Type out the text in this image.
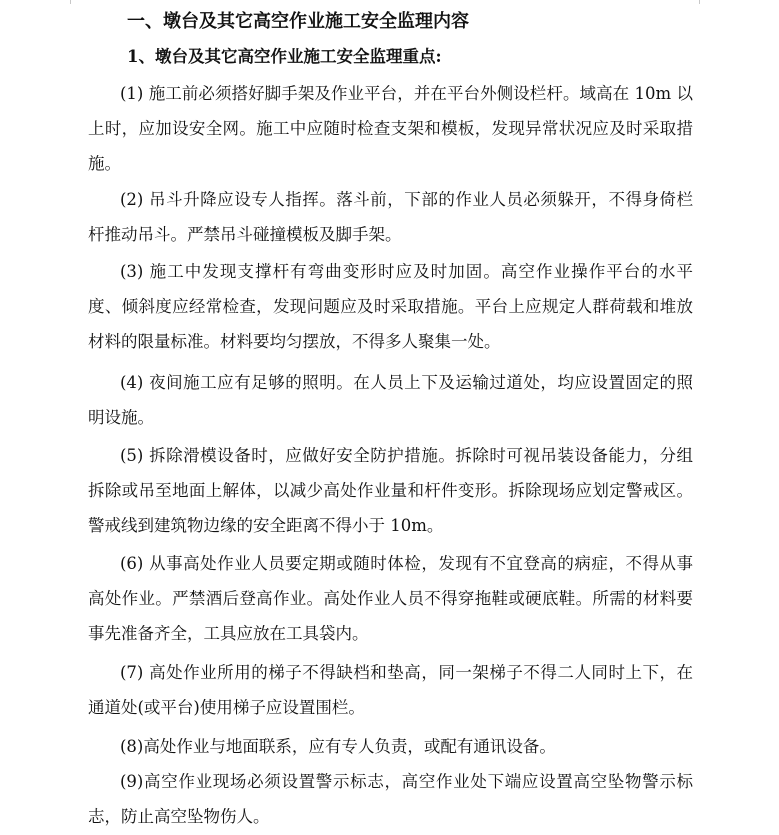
一、墩台及其它高空作业施工安全监理内容
1、墩台及其它高空作业施工安全监理重点:
(1) 施工前必须搭好脚手架及作业平台，并在平台外侧设栏杆。域高在 10m 以上时，应加设安全网。施工中应随时检查支架和模板，发现异常状况应及时采取措施。
(2) 吊斗升降应设专人指挥。落斗前，下部的作业人员必须躲开，不得身倚栏杆推动吊斗。严禁吊斗碰撞模板及脚手架。
(3) 施工中发现支撑杆有弯曲变形时应及时加固。高空作业操作平台的水平度、倾斜度应经常检查，发现问题应及时采取措施。平台上应规定人群荷载和堆放材料的限量标准。材料要均匀摆放，不得多人聚集一处。
(4) 夜间施工应有足够的照明。在人员上下及运输过道处，均应设置固定的照明设施。
(5) 拆除滑模设备时，应做好安全防护措施。拆除时可视吊装设备能力，分组拆除或吊至地面上解体，以减少高处作业量和杆件变形。拆除现场应划定警戒区。警戒线到建筑物边缘的安全距离不得小于 10m。
(6) 从事高处作业人员要定期或随时体检，发现有不宜登高的病症，不得从事高处作业。严禁酒后登高作业。高处作业人员不得穿拖鞋或硬底鞋。所需的材料要事先准备齐全，工具应放在工具袋内。
(7) 高处作业所用的梯子不得缺档和垫高，同一架梯子不得二人同时上下，在通道处(或平台)使用梯子应设置围栏。
(8)高处作业与地面联系，应有专人负责，或配有通讯设备。
(9)高空作业现场必须设置警示标志，高空作业处下端应设置高空坠物警示标志，防止高空坠物伤人。
